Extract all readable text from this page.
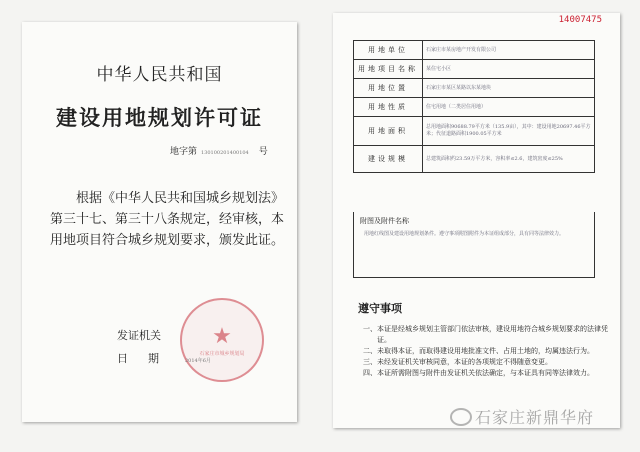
中华人民共和国
建设用地规划许可证
地字第 130100201400104 号
根据《中华人民共和国城乡规划法》第三十七、第三十八条规定，经审核，本用地项目符合城乡规划要求，颁发此证。
★
石家庄市城乡规划局
发证机关
日期 2014年6月
14007475
用地单位	石家庄市某房地产开发有限公司
用地项目名称	某住宅小区
用地位置	石家庄市某区某路以东某地块
用地性质	住宅用地（二类居住用地）
用地面积	总用地面积90688.79平方米（135.9亩），其中：建设用地20697.46平方米；代征道路面积1900.05平方米
建设规模	总建筑面积约23.59万平方米，容积率≤2.6，建筑密度≤25%
附图及附件名称
用地红线图及建设用地规划条件。遵守事项附图附件为本证组成部分，具有同等法律效力。
遵守事项
一、本证是经城乡规划主管部门依法审核，建设用地符合城乡规划要求的法律凭证。
二、未取得本证，而取得建设用地批准文件、占用土地的，均属违法行为。
三、未经发证机关审核同意，本证的各项规定不得随意变更。
四、本证所需附图与附件由发证机关依法确定，与本证具有同等法律效力。
石家庄新鼎华府
